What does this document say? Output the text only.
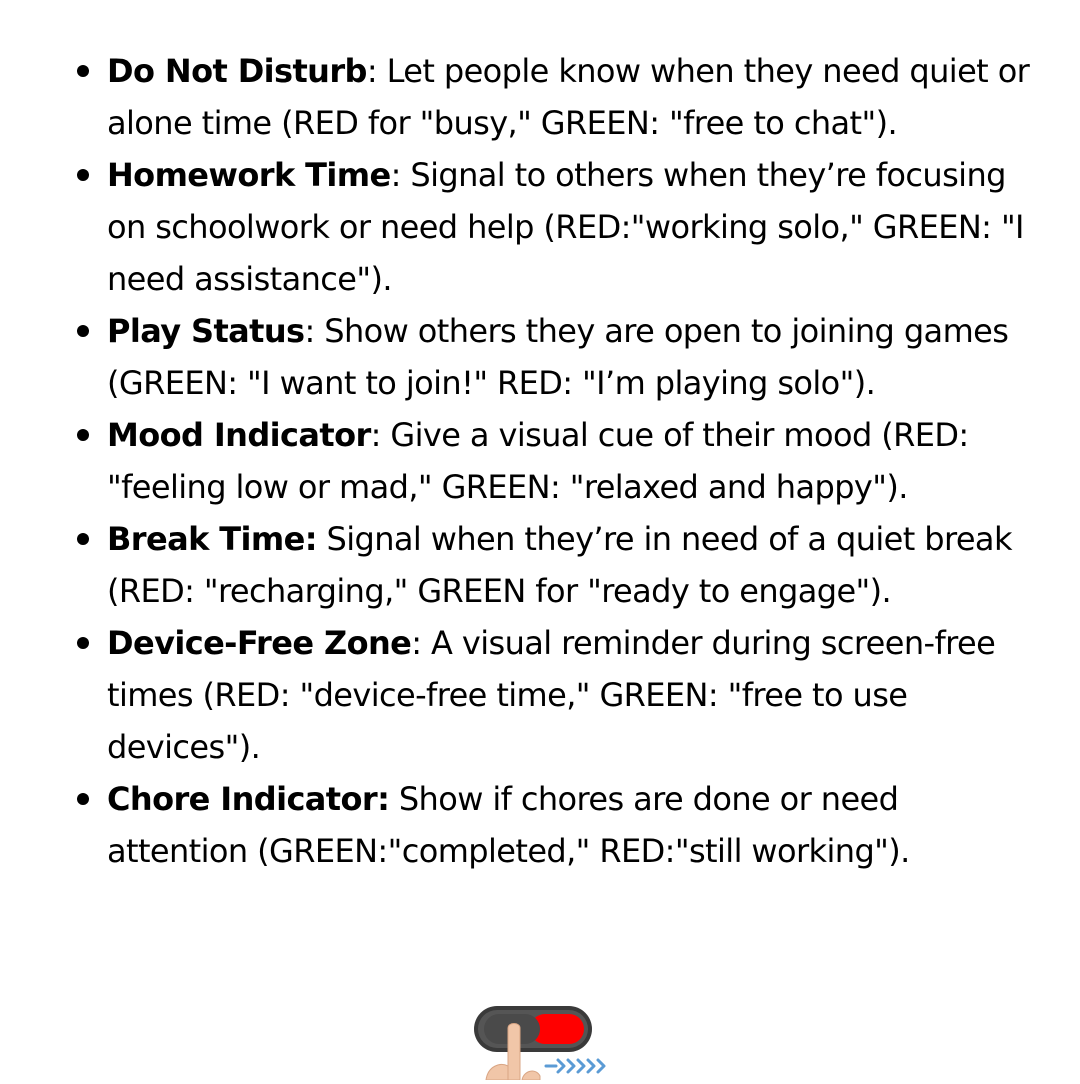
Do Not Disturb: Let people know when they need quiet or alone time (RED for "busy," GREEN: "free to chat").
Homework Time: Signal to others when they’re focusing on schoolwork or need help (RED:"working solo," GREEN: "I need assistance").
Play Status: Show others they are open to joining games (GREEN: "I want to join!" RED: "I’m playing solo").
Mood Indicator: Give a visual cue of their mood (RED: "feeling low or mad," GREEN: "relaxed and happy").
Break Time: Signal when they’re in need of a quiet break (RED: "recharging," GREEN for "ready to engage").
Device-Free Zone: A visual reminder during screen-free times (RED: "device-free time," GREEN: "free to use devices").
Chore Indicator: Show if chores are done or need attention (GREEN:"completed," RED:"still working").
